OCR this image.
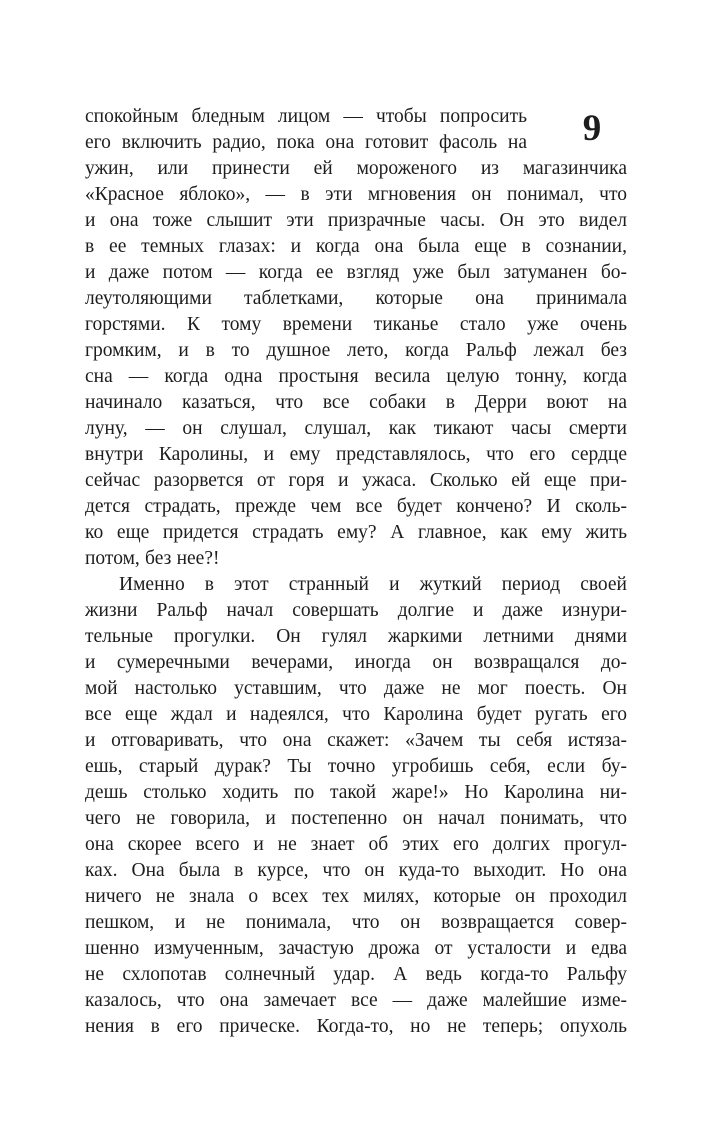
9
спокойным бледным лицом — чтобы попросить
его включить радио, пока она готовит фасоль на
ужин, или принести ей мороженого из магазинчика
«Красное яблоко», — в эти мгновения он понимал, что
и она тоже слышит эти призрачные часы. Он это видел
в ее темных глазах: и когда она была еще в сознании,
и даже потом — когда ее взгляд уже был затуманен бо-
леутоляющими таблетками, которые она принимала
горстями. К тому времени тиканье стало уже очень
громким, и в то душное лето, когда Ральф лежал без
сна — когда одна простыня весила целую тонну, когда
начинало казаться, что все собаки в Дерри воют на
луну, — он слушал, слушал, как тикают часы смерти
внутри Каролины, и ему представлялось, что его сердце
сейчас разорвется от горя и ужаса. Сколько ей еще при-
дется страдать, прежде чем все будет кончено? И сколь-
ко еще придется страдать ему? А главное, как ему жить
потом, без нее?!
Именно в этот странный и жуткий период своей
жизни Ральф начал совершать долгие и даже изнури-
тельные прогулки. Он гулял жаркими летними днями
и сумеречными вечерами, иногда он возвращался до-
мой настолько уставшим, что даже не мог поесть. Он
все еще ждал и надеялся, что Каролина будет ругать его
и отговаривать, что она скажет: «Зачем ты себя истяза-
ешь, старый дурак? Ты точно угробишь себя, если бу-
дешь столько ходить по такой жаре!» Но Каролина ни-
чего не говорила, и постепенно он начал понимать, что
она скорее всего и не знает об этих его долгих прогул-
ках. Она была в курсе, что он куда-то выходит. Но она
ничего не знала о всех тех милях, которые он проходил
пешком, и не понимала, что он возвращается совер-
шенно измученным, зачастую дрожа от усталости и едва
не схлопотав солнечный удар. А ведь когда-то Ральфу
казалось, что она замечает все — даже малейшие изме-
нения в его прическе. Когда-то, но не теперь; опухоль
